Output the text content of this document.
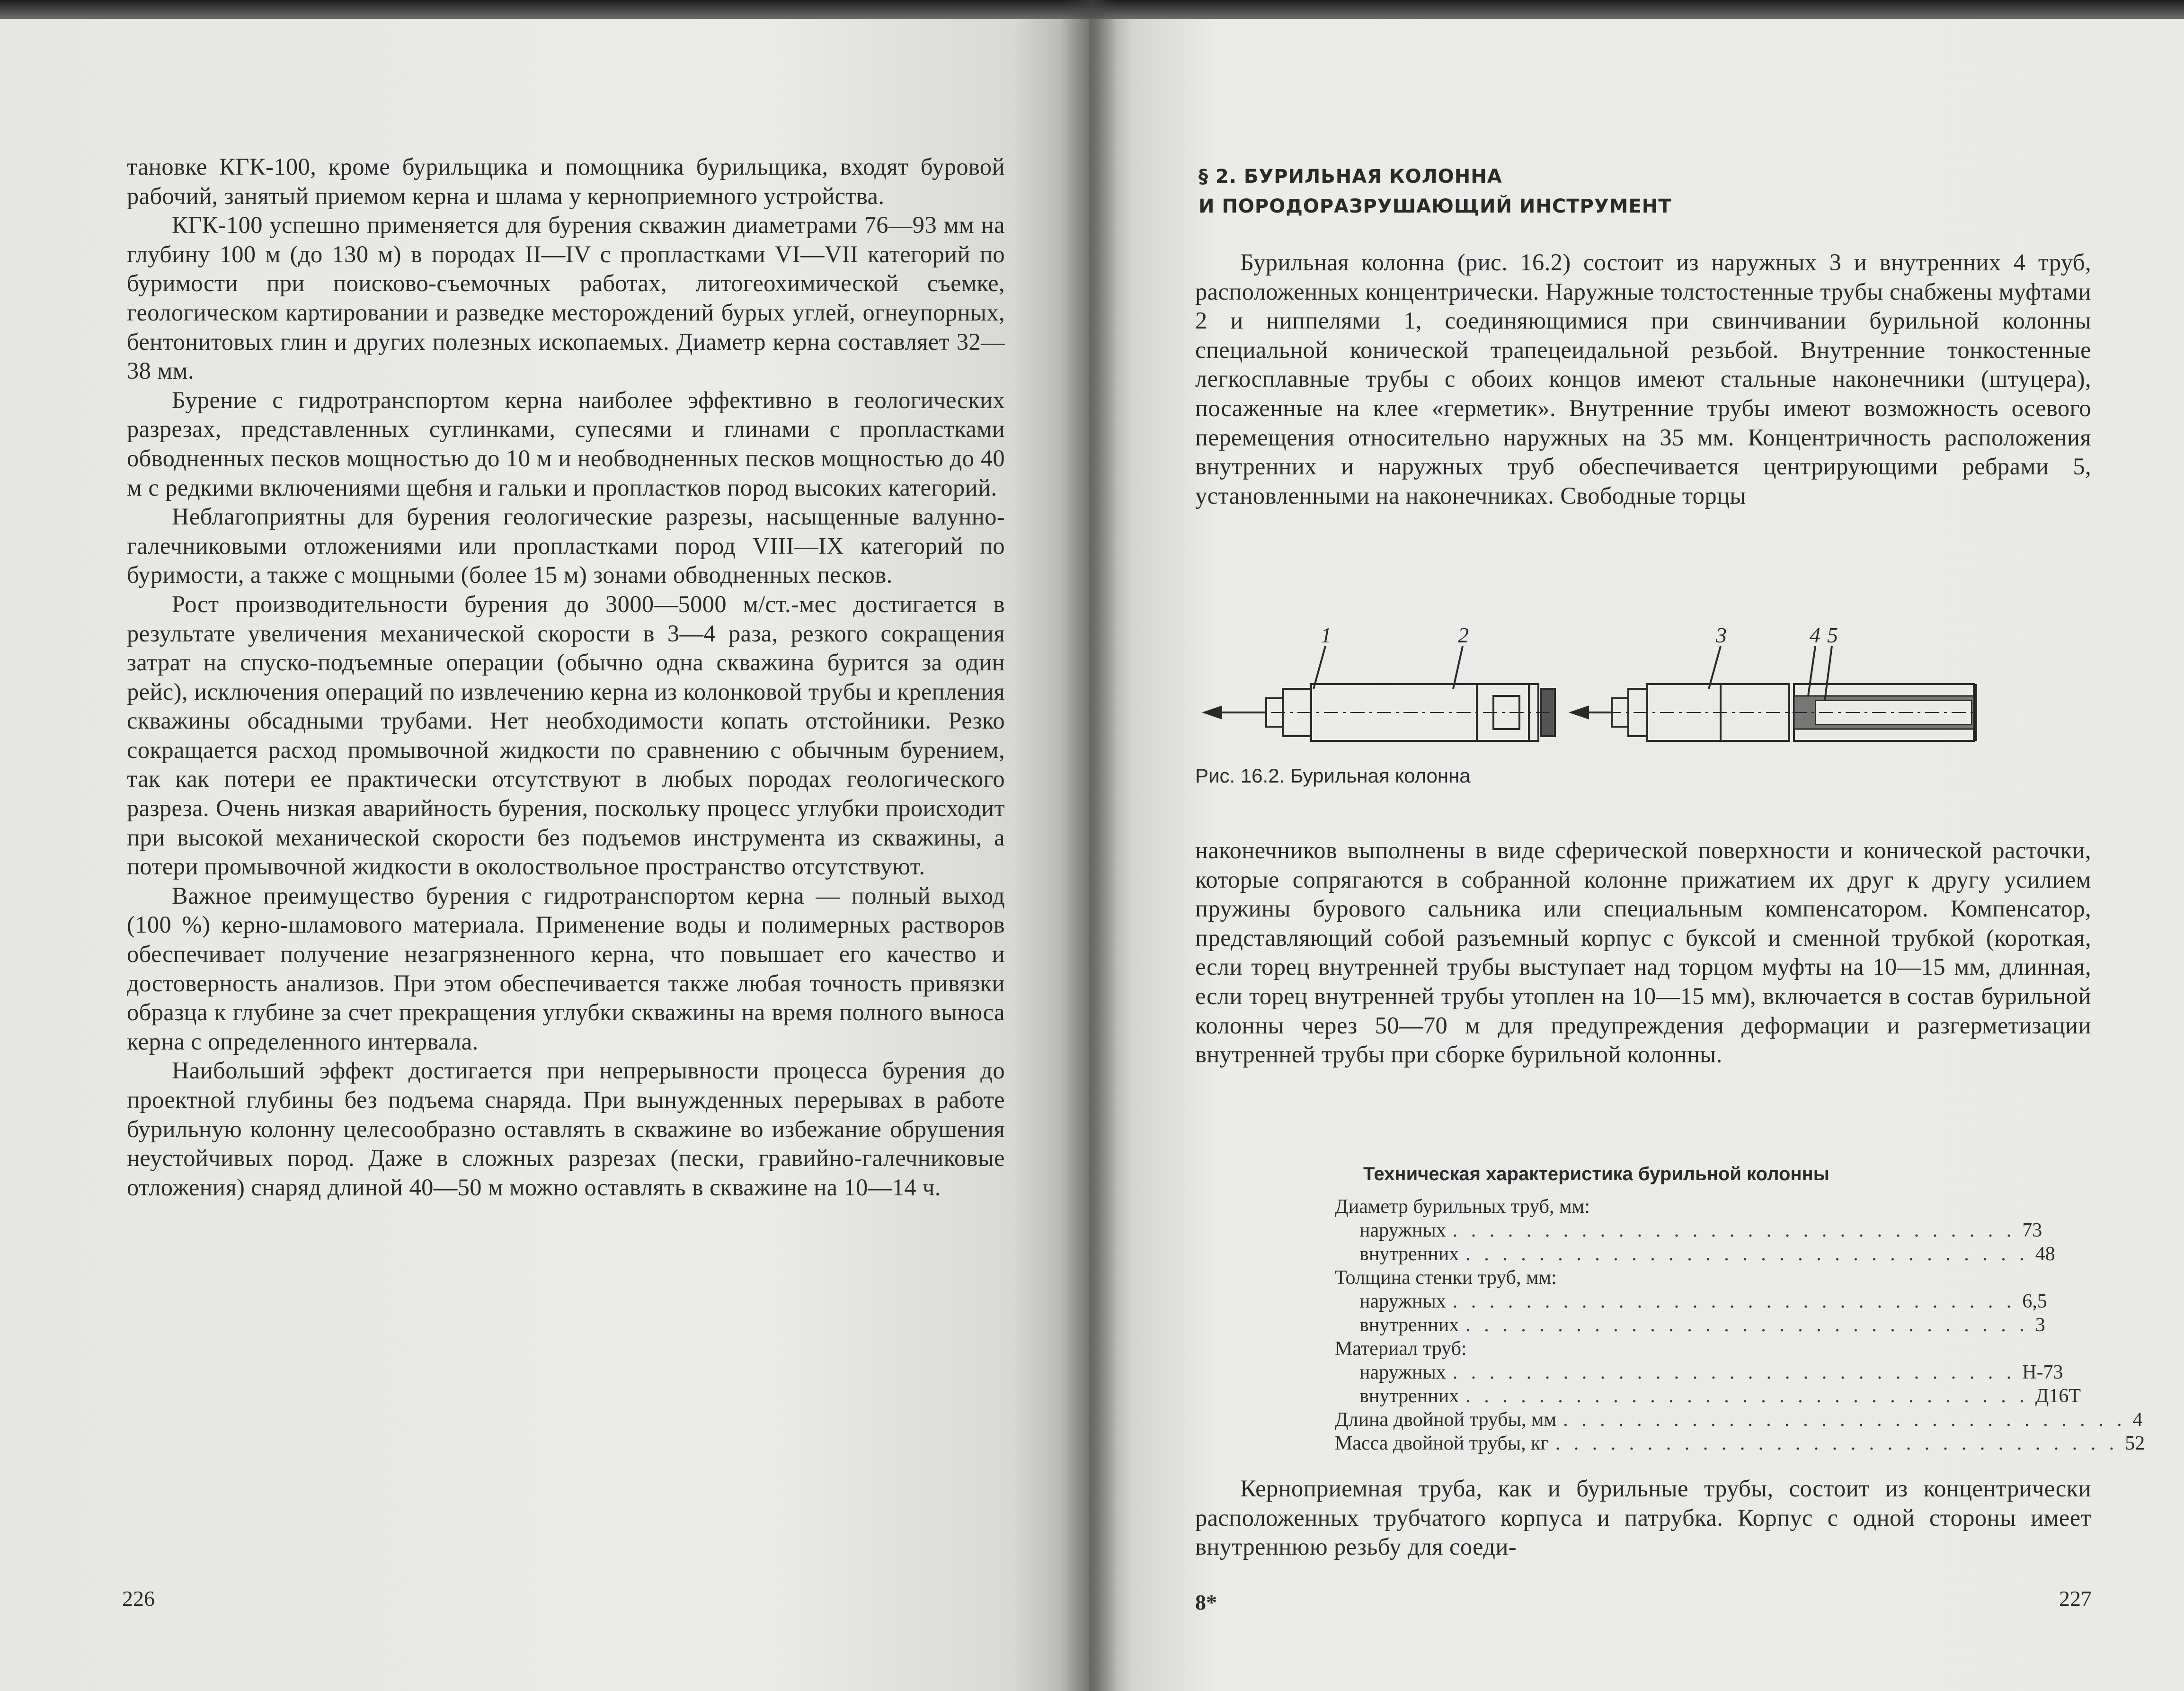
тановке КГК-100, кроме бурильщика и помощника бурильщика, входят буровой рабочий, занятый приемом керна и шлама у кернoприемного устройства.

КГК-100 успешно применяется для бурения скважин диаметрами 76—93 мм на глубину 100 м (до 130 м) в породах II—IV с пропластками VI—VII категорий по буримости при поисково-съемочных работах, литогеохимической съемке, геологическом картировании и разведке месторождений бурых углей, огнеупорных, бентонитовых глин и других полезных ископаемых. Диаметр керна составляет 32—38 мм.

Бурение с гидротранспортом керна наиболее эффективно в геологических разрезах, представленных суглинками, супесями и глинами с пропластками обводненных песков мощностью до 10 м и необводненных песков мощностью до 40 м с редкими включениями щебня и гальки и пропластков пород высоких категорий.

Неблагоприятны для бурения геологические разрезы, насыщенные валунно-галечниковыми отложениями или пропластками пород VIII—IX категорий по буримости, а также с мощными (более 15 м) зонами обводненных песков.

Рост производительности бурения до 3000—5000 м/ст.-мес достигается в результате увеличения механической скорости в 3—4 раза, резкого сокращения затрат на спуско-подъемные операции (обычно одна скважина бурится за один рейс), исключения операций по извлечению керна из колонковой трубы и крепления скважины обсадными трубами. Нет необходимости копать отстойники. Резко сокращается расход промывочной жидкости по сравнению с обычным бурением, так как потери ее практически отсутствуют в любых породах геологического разреза. Очень низкая аварийность бурения, поскольку процесс углубки происходит при высокой механической скорости без подъемов инструмента из скважины, а потери промывочной жидкости в околоствольное пространство отсутствуют.

Важное преимущество бурения с гидротранспортом керна — полный выход (100 %) керно-шламового материала. Применение воды и полимерных растворов обеспечивает получение незагрязненного керна, что повышает его качество и достоверность анализов. При этом обеспечивается также любая точность привязки образца к глубине за счет прекращения углубки скважины на время полного выноса керна с определенного интервала.

Наибольший эффект достигается при непрерывности процесса бурения до проектной глубины без подъема снаряда. При вынужденных перерывах в работе бурильную колонну целесообразно оставлять в скважине во избежание обрушения неустойчивых пород. Даже в сложных разрезах (пески, гравийно-галечниковые отложения) снаряд длиной 40—50 м можно оставлять в скважине на 10—14 ч.

226
§ 2. БУРИЛЬНАЯ КОЛОННА
И ПОРОДОРАЗРУШАЮЩИЙ ИНСТРУМЕНТ

Бурильная колонна (рис. 16.2) состоит из наружных 3 и внутренних 4 труб, расположенных концентрически. Наружные толстостенные трубы снабжены муфтами 2 и ниппелями 1, соединяющимися при свинчивании бурильной колонны специальной конической трапецеидальной резьбой. Внутренние тонкостенные легкосплавные трубы с обоих концов имеют стальные наконечники (штуцера), посаженные на клее «герметик». Внутренние трубы имеют возможность осевого перемещения относительно наружных на 35 мм. Концентричность расположения внутренних и наружных труб обеспечивается центрирующими ребрами 5, установленными на наконечниках. Свободные торцы

1	2	3	4 5
Рис. 16.2. Бурильная колонна

наконечников выполнены в виде сферической поверхности и конической расточки, которые сопрягаются в собранной колонне прижатием их друг к другу усилием пружины бурового сальника или специальным компенсатором. Компенсатор, представляющий собой разъемный корпус с буксой и сменной трубкой (короткая, если торец внутренней трубы выступает над торцом муфты на 10—15 мм, длинная, если торец внутренней трубы утоплен на 10—15 мм), включается в состав бурильной колонны через 50—70 м для предупреждения деформации и разгерметизации внутренней трубы при сборке бурильной колонны.

Техническая характеристика бурильной колонны
Диаметр бурильных труб, мм:
наружных . . . . . . . . . . . . . . . . . . . . . . . . . . . . . . . 73
внутренних . . . . . . . . . . . . . . . . . . . . . . . . . . . . . . . 48
Толщина стенки труб, мм:
наружных . . . . . . . . . . . . . . . . . . . . . . . . . . . . . . . 6,5
внутренних . . . . . . . . . . . . . . . . . . . . . . . . . . . . . . . 3
Материал труб:
наружных . . . . . . . . . . . . . . . . . . . . . . . . . . . . . . . Н-73
внутренних . . . . . . . . . . . . . . . . . . . . . . . . . . . . . . . Д16Т
Длина двойной трубы, мм . . . . . . . . . . . . . . . . . . . . . . . . . . . . . . . 4
Масса двойной трубы, кг . . . . . . . . . . . . . . . . . . . . . . . . . . . . . . . 52

Кернoприемная труба, как и бурильные трубы, состоит из концентрически расположенных трубчатого корпуса и патрубка. Корпус с одной стороны имеет внутреннюю резьбу для соеди-

8*	227
